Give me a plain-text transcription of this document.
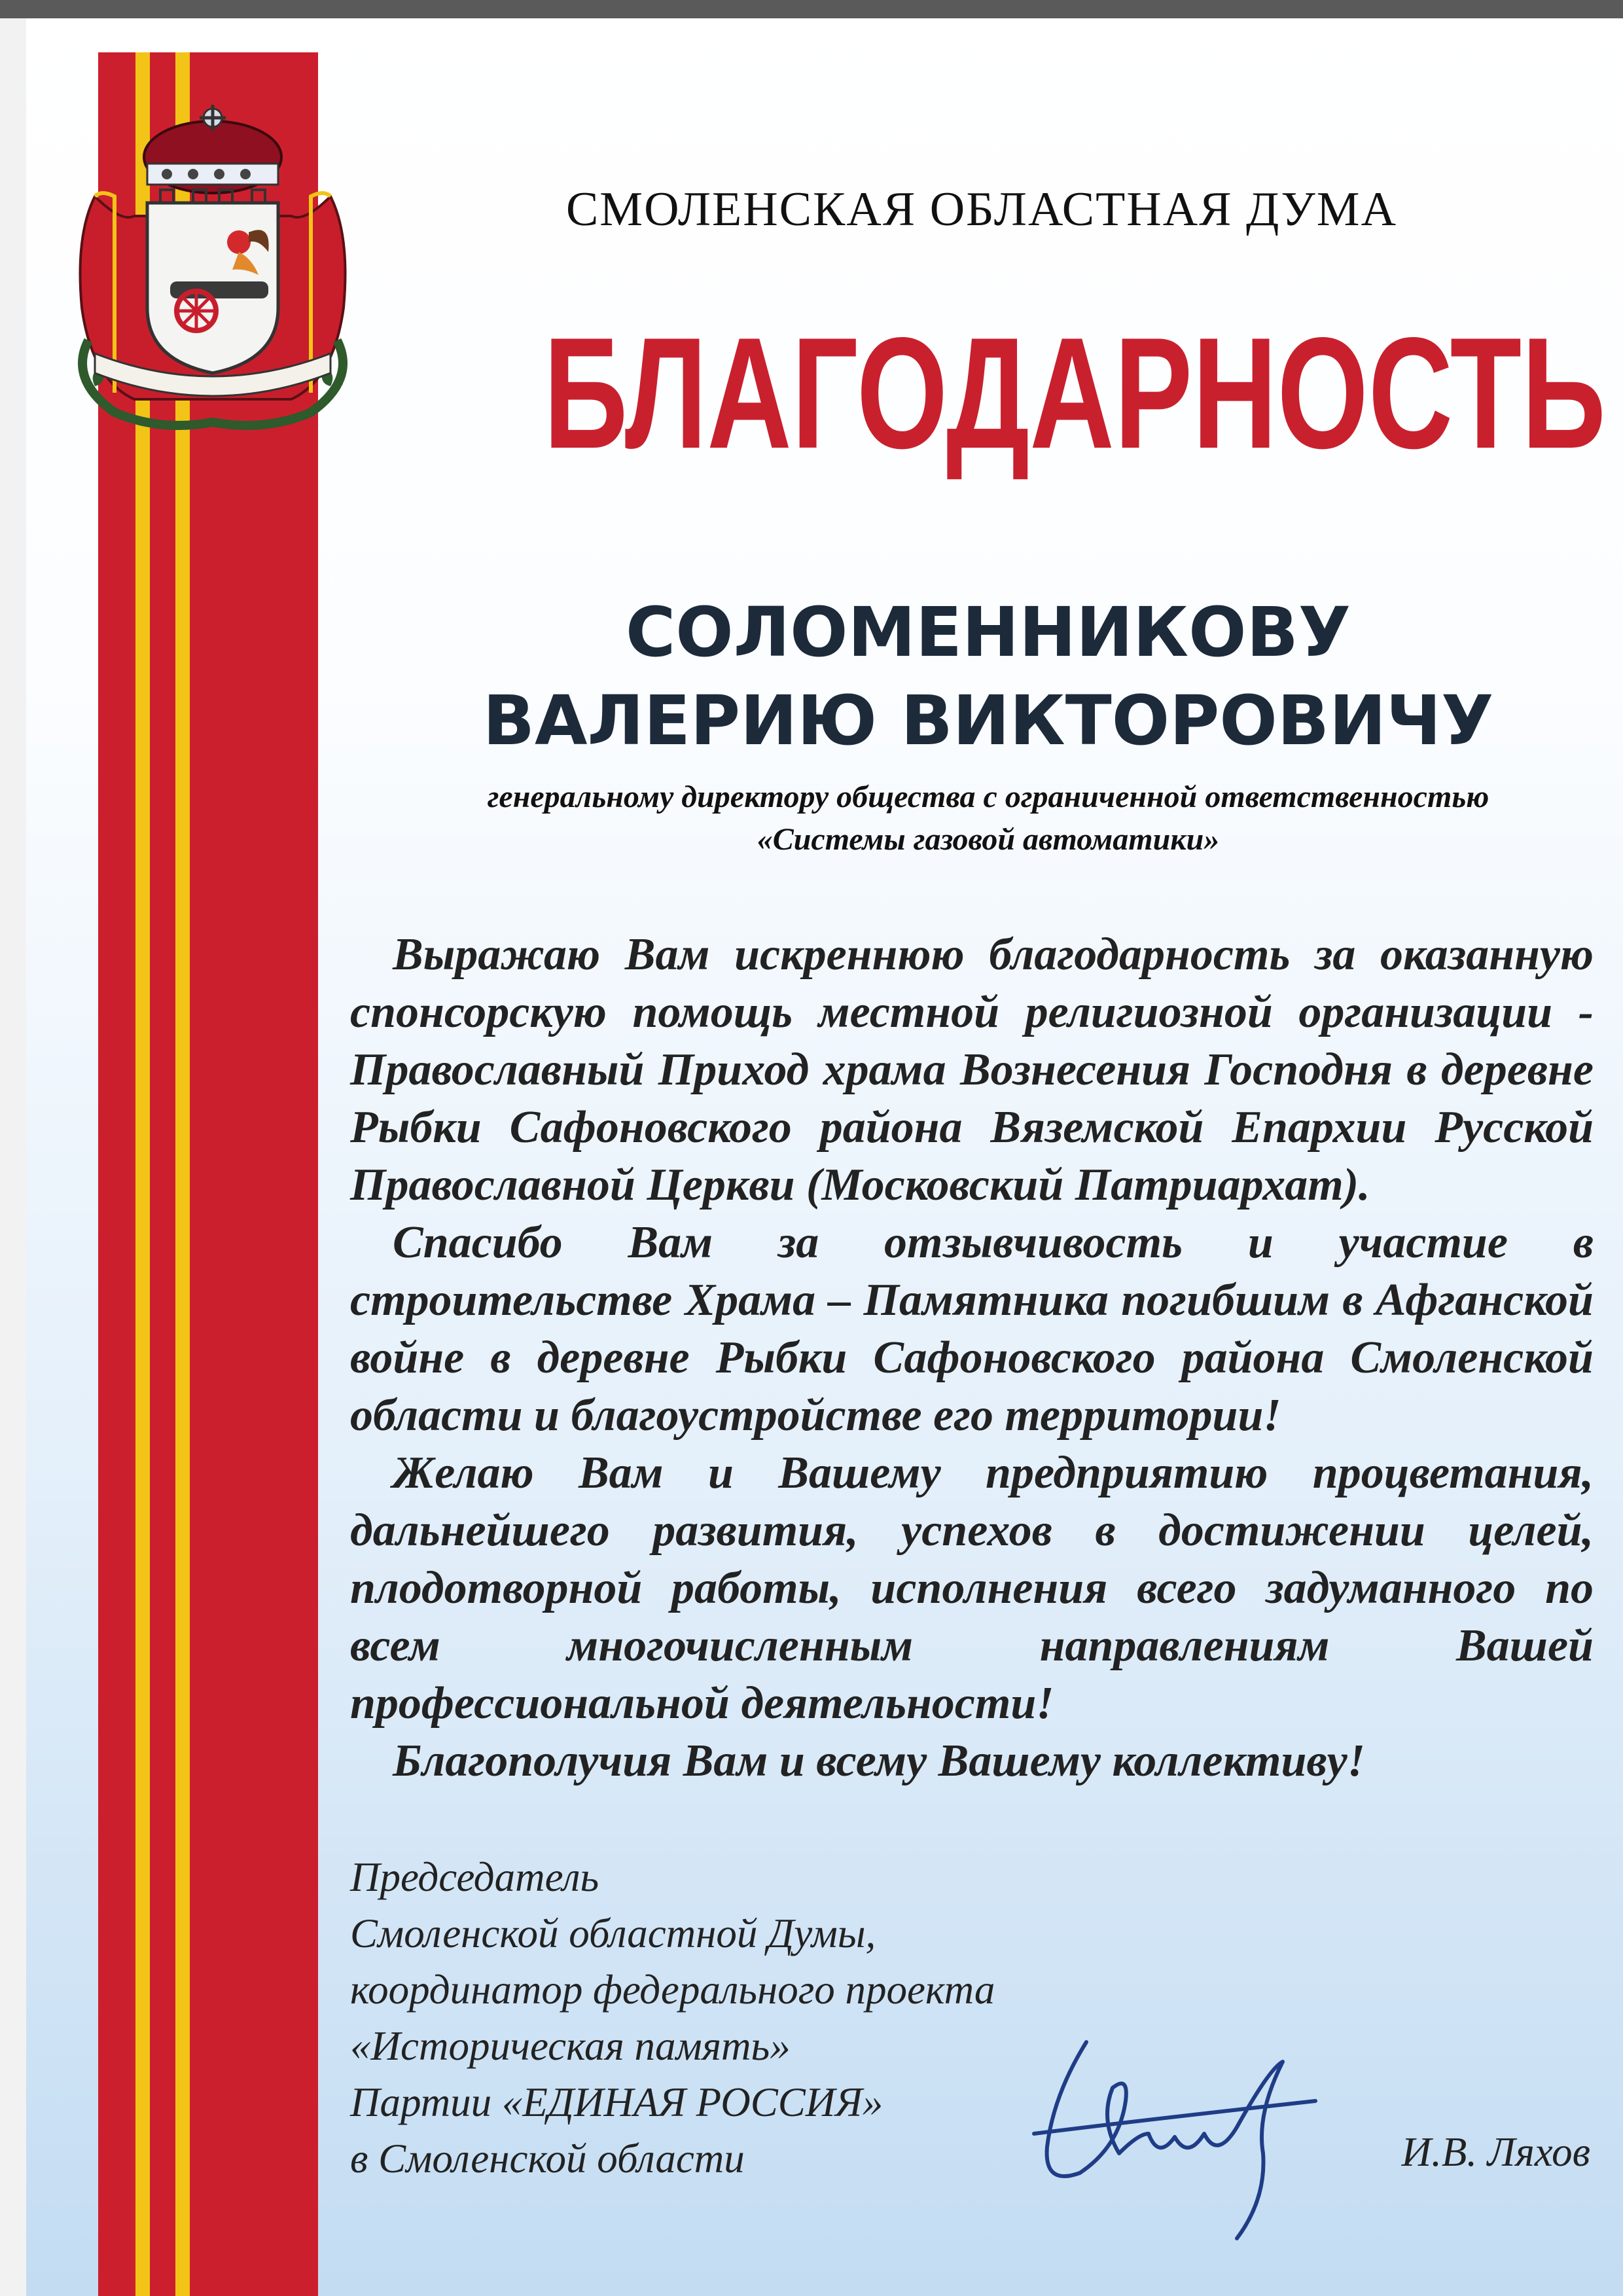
СМОЛЕНСКАЯ ОБЛАСТНАЯ ДУМА
БЛАГОДАРНОСТЬ
СОЛОМЕННИКОВУ
ВАЛЕРИЮ ВИКТОРОВИЧУ
генеральному директору общества с ограниченной ответственностью
«Системы газовой автоматики»

Выражаю Вам искреннюю благодарность за оказанную спонсорскую помощь местной религиозной организации - Православный Приход храма Вознесения Господня в деревне Рыбки Сафоновского района Вяземской Епархии Русской Православной Церкви (Московский Патриархат).

Спасибо Вам за отзывчивость и участие в строительстве Храма – Памятника погибшим в Афганской войне в деревне Рыбки Сафоновского района Смоленской области и благоустройстве его территории!

Желаю Вам и Вашему предприятию процветания, дальнейшего развития, успехов в достижении целей, плодотворной работы, исполнения всего задуманного по всем многочисленным направлениям Вашей профессиональной деятельности!

Благополучия Вам и всему Вашему коллективу!

Председатель
Смоленской областной Думы,
координатор федерального проекта
«Историческая память»
Партии «ЕДИНАЯ РОССИЯ»
в Смоленской области	И.В. Ляхов
